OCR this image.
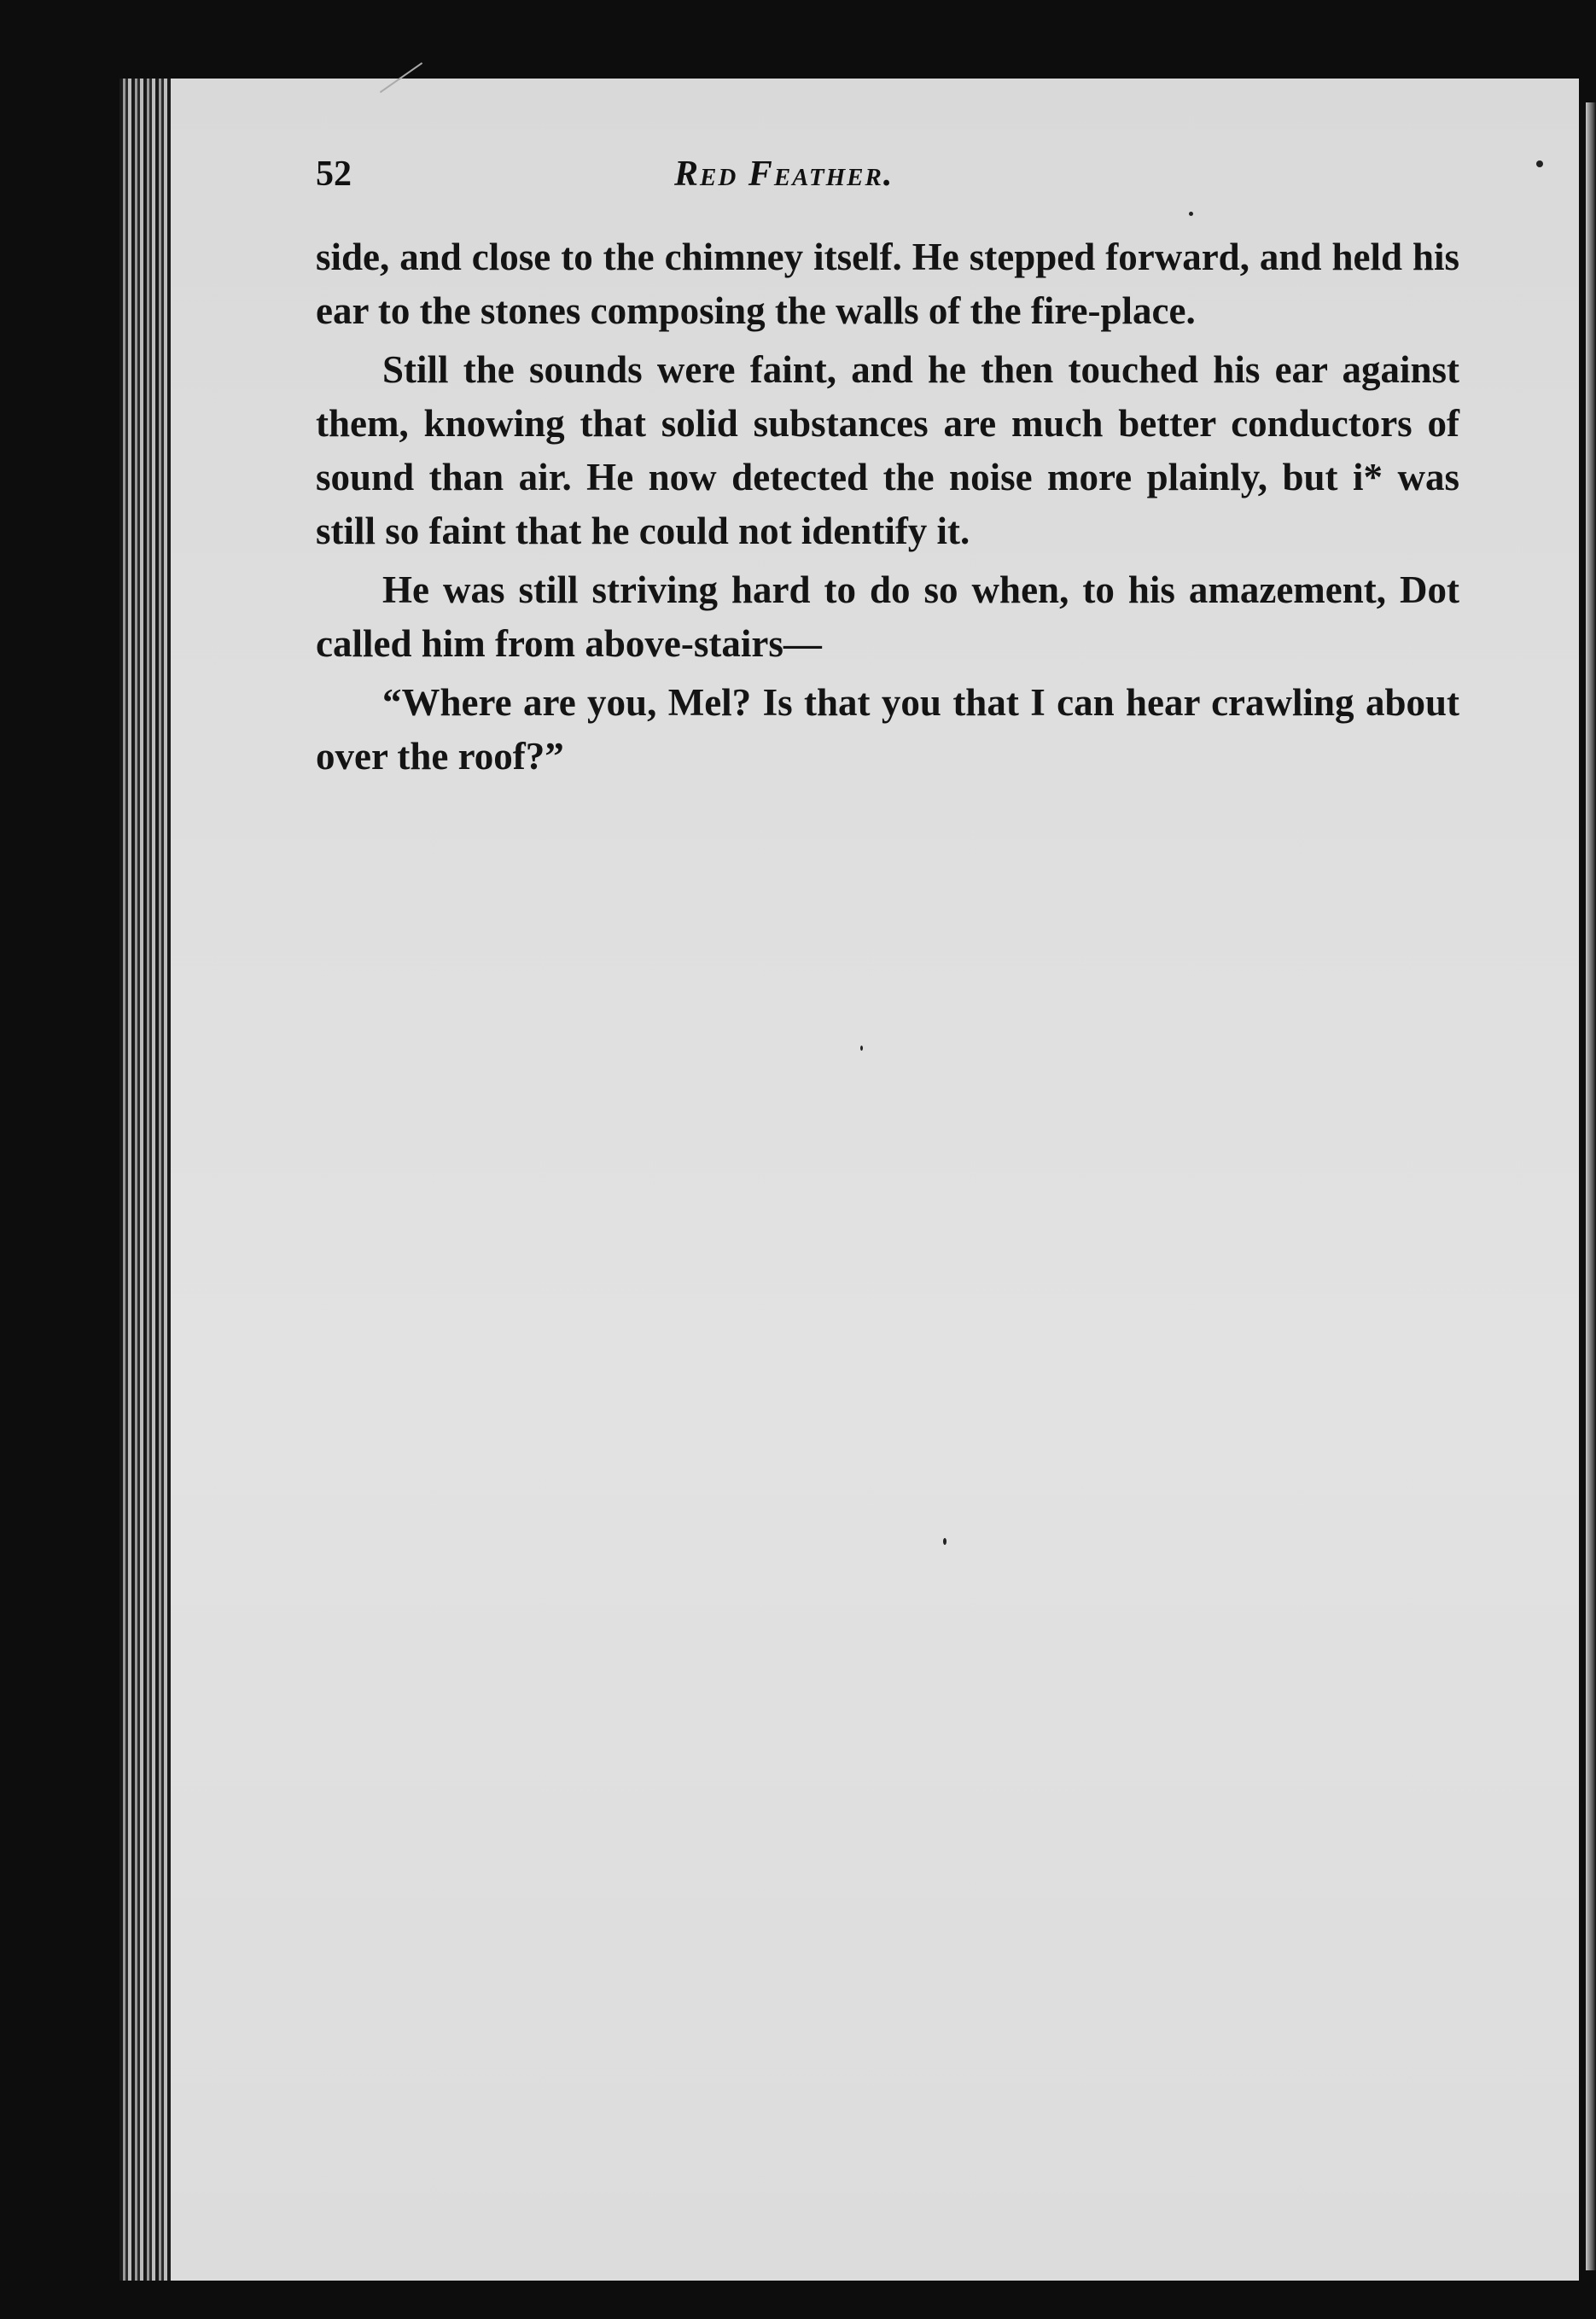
52	Red Feather.

side, and close to the chimney itself. He stepped forward, and held his ear to the stones composing the walls of the fire-place.

Still the sounds were faint, and he then touched his ear against them, knowing that solid substances are much better conductors of sound than air. He now detected the noise more plainly, but i* was still so faint that he could not identify it.

He was still striving hard to do so when, to his amazement, Dot called him from above-stairs—

“Where are you, Mel? Is that you that I can hear crawling about over the roof?”
